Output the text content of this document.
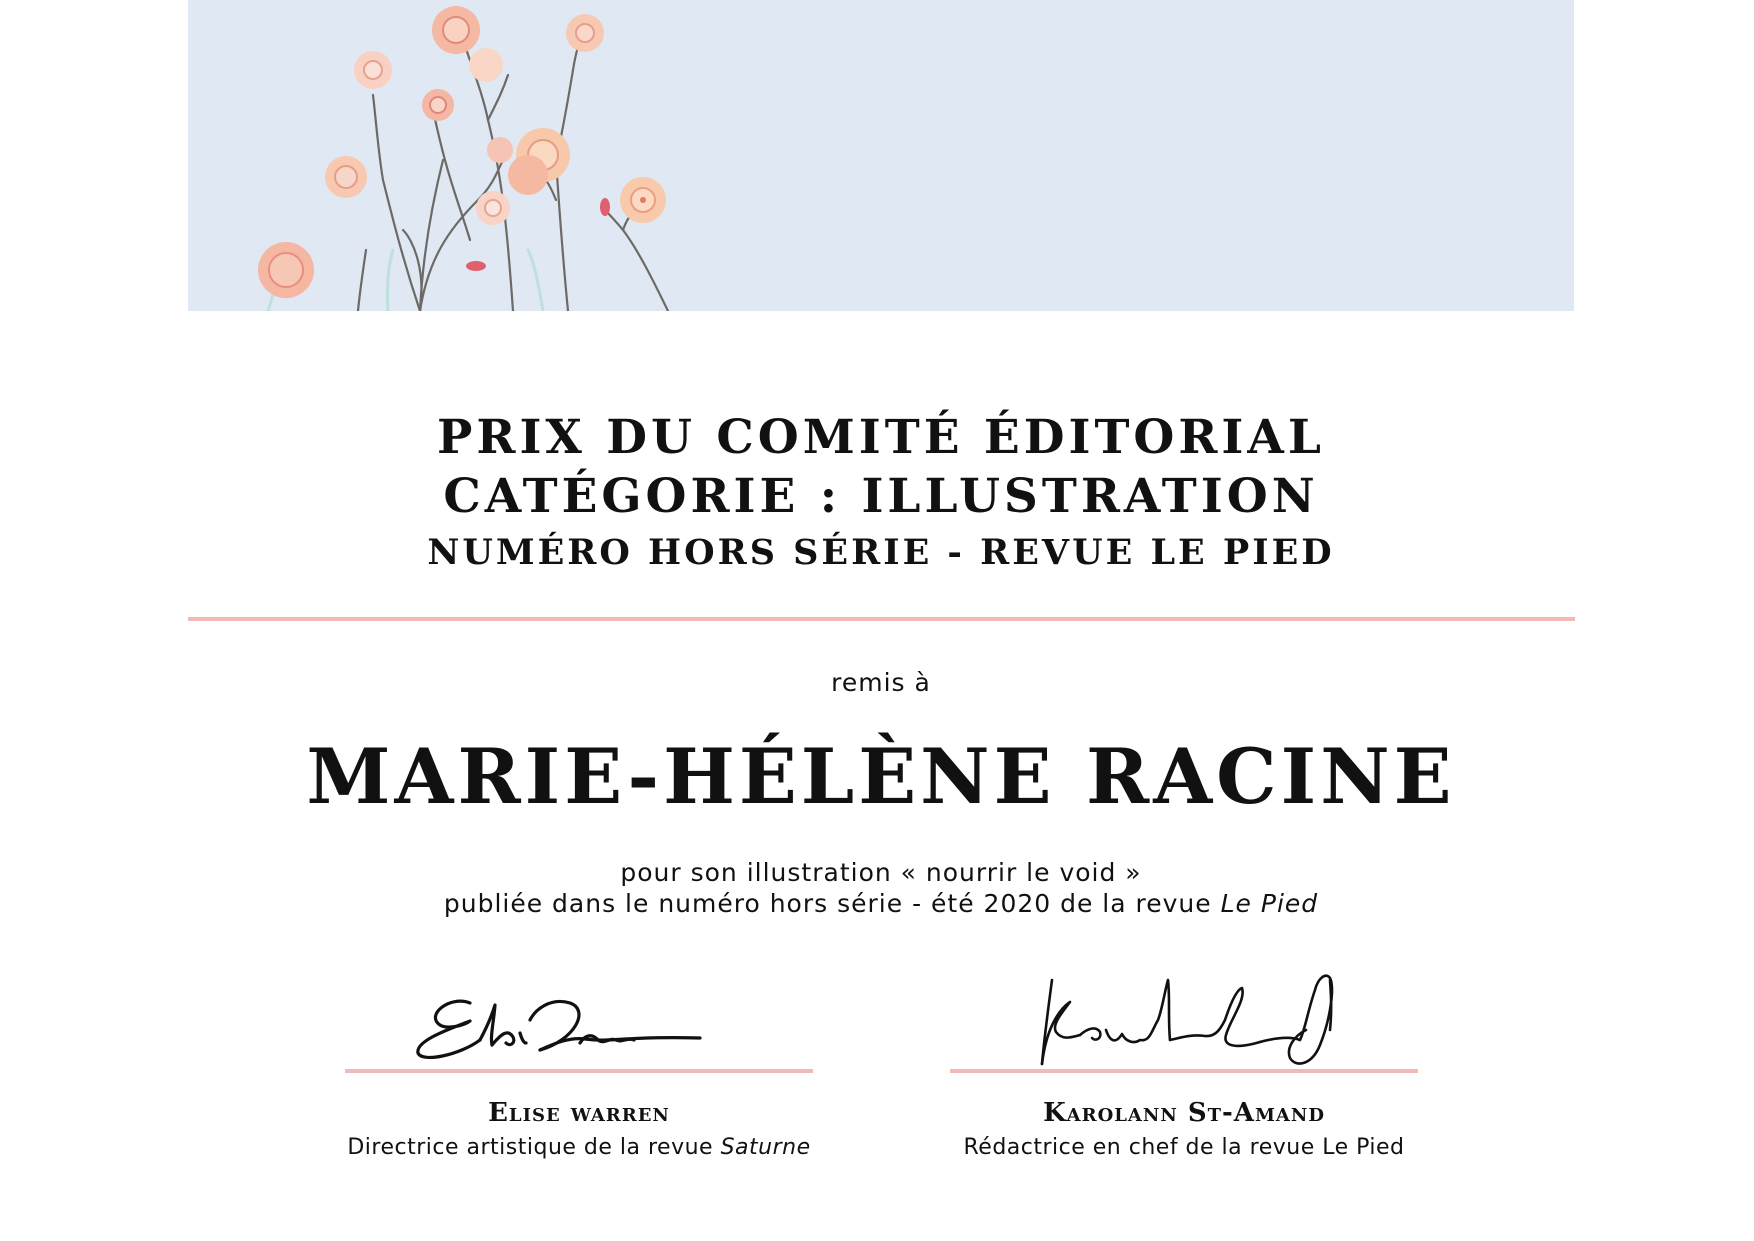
PRIX DU COMITÉ ÉDITORIAL
CATÉGORIE : ILLUSTRATION
NUMÉRO HORS SÉRIE - REVUE LE PIED
remis à
MARIE-HÉLÈNE RACINE
pour son illustration « nourrir le void »
publiée dans le numéro hors série - été 2020 de la revue Le Pied
Elise warren
Directrice artistique de la revue Saturne
Karolann St-Amand
Rédactrice en chef de la revue Le Pied
